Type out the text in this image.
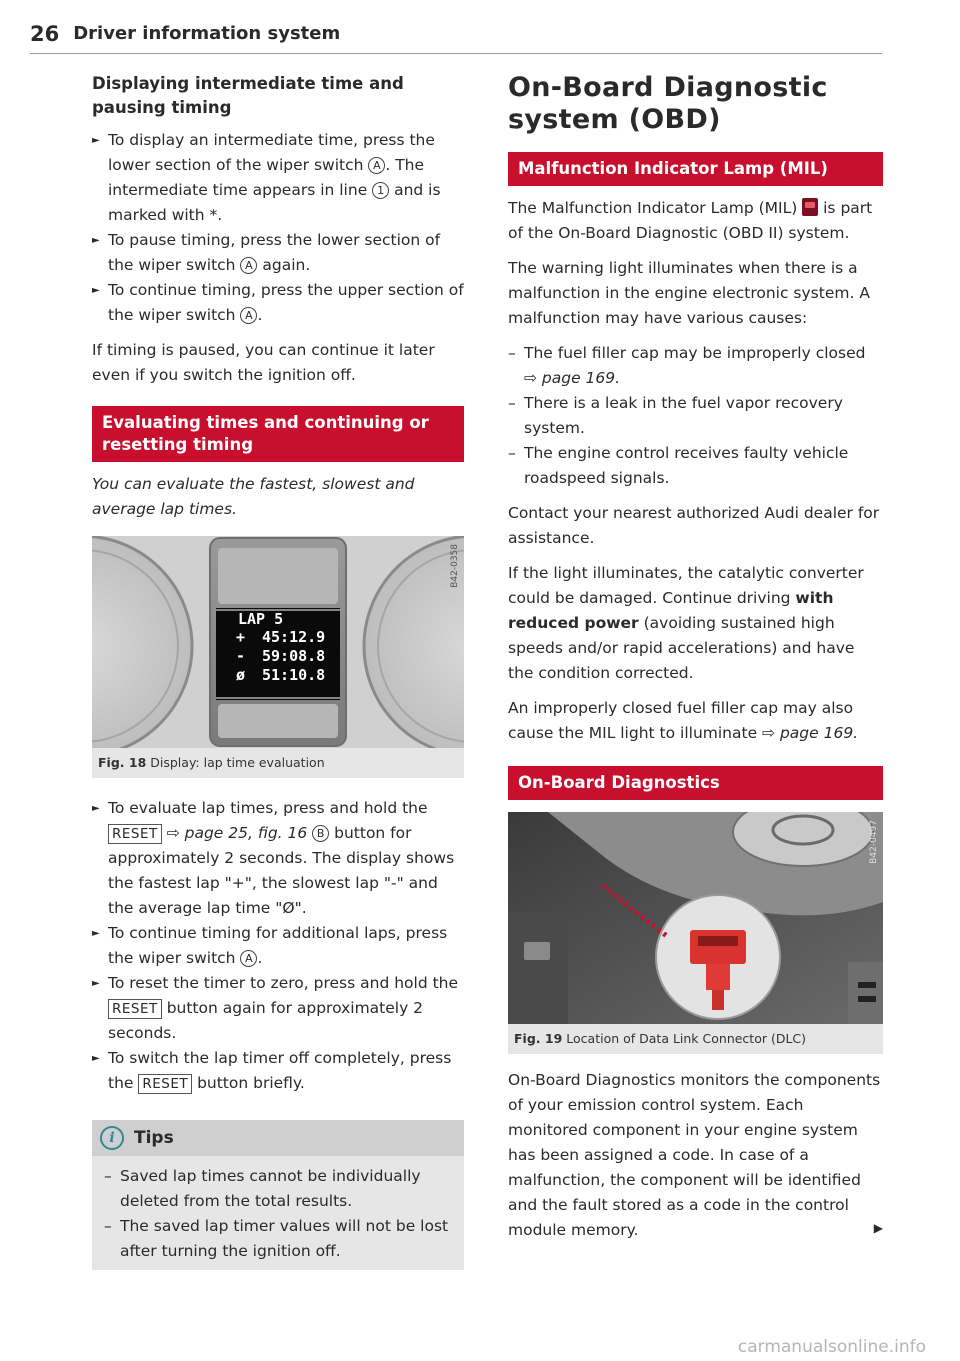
26 Driver information system
Displaying intermediate time and pausing timing
► To display an intermediate time, press the lower section of the wiper switch A . The intermediate time appears in line 1 and is marked with *.
► To pause timing, press the lower section of the wiper switch A again.
► To continue timing, press the upper section of the wiper switch A .

If timing is paused, you can continue it later even if you switch the ignition off.

Evaluating times and continuing or resetting timing

You can evaluate the fastest, slowest and average lap times.

LAP 5
+	45:12.9
-	59:08.8
ø	51:10.8
B42-0358
Fig. 18 Display: lap time evaluation
► To evaluate lap times, press and hold the RESET ⇨ page 25, fig. 16 B button for approximately 2 seconds. The display shows the fastest lap "+", the slowest lap "-" and the average lap time "Ø".
► To continue timing for additional laps, press the wiper switch A .
► To reset the timer to zero, press and hold the RESET button again for approximately 2 seconds.
► To switch the lap timer off completely, press the RESET button briefly.
i	Tips
– Saved lap times cannot be individually deleted from the total results.
– The saved lap timer values will not be lost after turning the ignition off.
On-Board Diagnostic system (OBD)
Malfunction Indicator Lamp (MIL)

The Malfunction Indicator Lamp (MIL)  is part of the On-Board Diagnostic (OBD II) system.

The warning light illuminates when there is a malfunction in the engine electronic system. A malfunction may have various causes:

– The fuel filler cap may be improperly closed ⇨ page 169.
– There is a leak in the fuel vapor recovery system.
– The engine control receives faulty vehicle roadspeed signals.

Contact your nearest authorized Audi dealer for assistance.

If the light illuminates, the catalytic converter could be damaged. Continue driving with reduced power (avoiding sustained high speeds and/or rapid accelerations) and have the condition corrected.

An improperly closed fuel filler cap may also cause the MIL light to illuminate ⇨ page 169.

On-Board Diagnostics
B42-0497
Fig. 19 Location of Data Link Connector (DLC)

On-Board Diagnostics monitors the components of your emission control system. Each monitored component in your engine system has been assigned a code. In case of a malfunction, the component will be identified and the fault stored as a code in the control module memory.	▶

carmanualsonline.info
